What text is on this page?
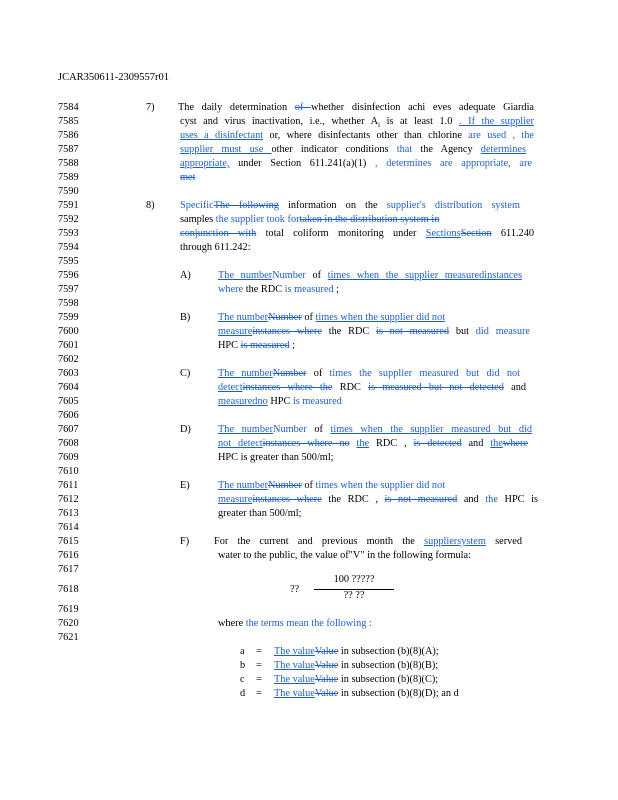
JCAR350611-2309557r01
7584
7585
7586
7587
7588
7589
7590
7591
7592
7593
7594
7595
7596
7597
7598
7599
7600
7601
7602
7603
7604
7605
7606
7607
7608
7609
7610
7611
7612
7613
7614
7615
7616
7617
7618
7619
7620
7621
7) The daily determination of whether disinfection achi eves adequate Giardia
cyst and virus inactivation, i.e., whether $A_i$ is at least 1.0 . If the supplier
uses a disinfectant or, where disinfectants other than chlorine are used , the
supplier must use other indicator conditions that the Agency determines
appropriate, under Section 611.241(a)(1) , determines are appropriate, are
met
8) SpecificThe following information on the supplier's distribution system
samples the supplier took fortaken in the distribution system in
conjunction with total coliform monitoring under SectionsSection 611.240
through 611.242:
A)	The numberNumber of times when the supplier measuredinstances
where the RDC is measured ;
B)	The numberNumber of times when the supplier did not
measureinstances where the RDC is not measured but did measure
HPC is measured ;
C)	The numberNumber of times the supplier measured but did not
detectinstances where the RDC is measured but not detected and
measuredno HPC is measured
D)	The numberNumber of times when the supplier measured but did
not detectinstances where no the RDC , is detected and thewhere
HPC is greater than 500/ml;
E)	The numberNumber of times when the supplier did not
measureinstances where the RDC , is not measured and the HPC is
greater than 500/ml;
F) For the current and previous month the suppliersystem served
water to the public, the value of"V" in the following formula:
??
100 ?????
?? ??
where the terms mean the following :
a = The valueValue in subsection (b)(8)(A);
b = The valueValue in subsection (b)(8)(B);
c = The valueValue in subsection (b)(8)(C);
d = The valueValue in subsection (b)(8)(D); an d
